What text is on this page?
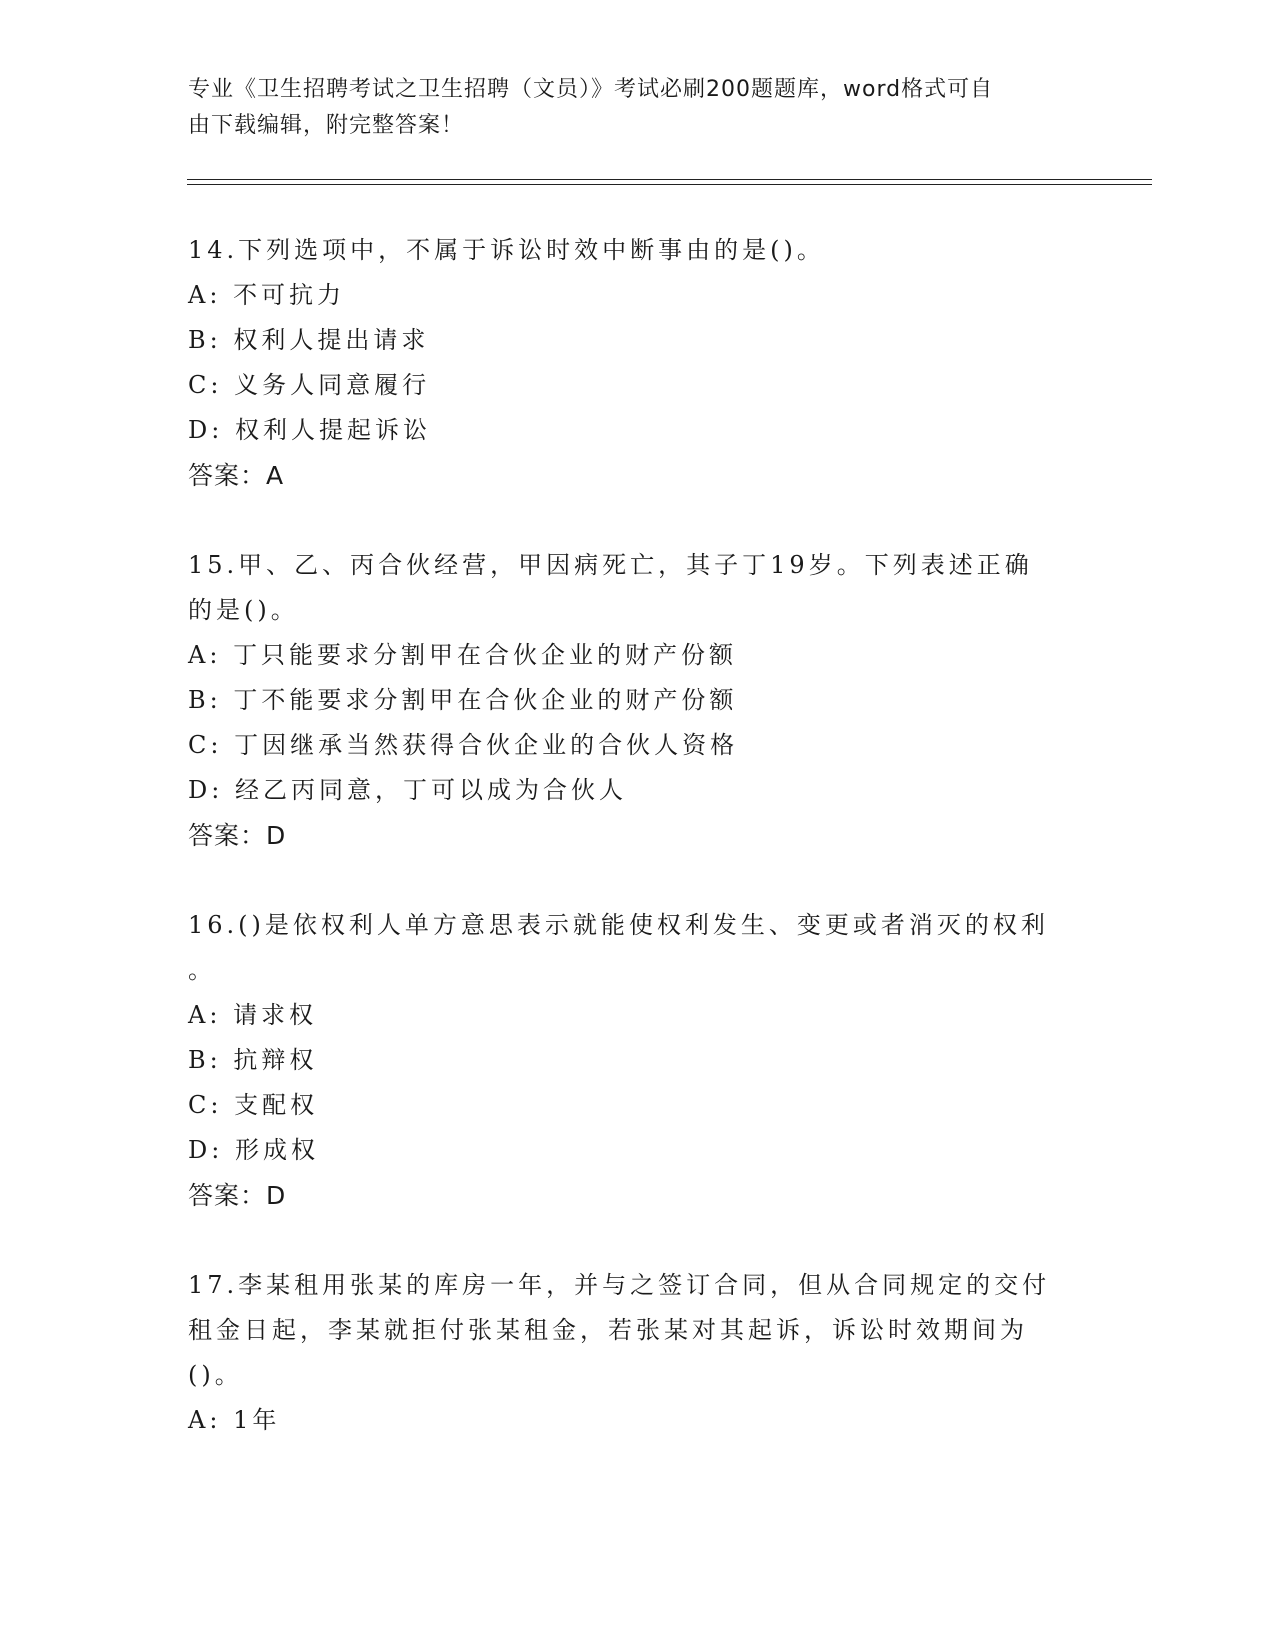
专业《卫生招聘考试之卫生招聘（文员）》考试必刷200题题库，word格式可自
由下载编辑，附完整答案！
14.下列选项中，不属于诉讼时效中断事由的是()。
A: 不可抗力
B: 权利人提出请求
C: 义务人同意履行
D: 权利人提起诉讼
答案：A
15.甲、乙、丙合伙经营，甲因病死亡，其子丁19岁。下列表述正确
的是()。
A: 丁只能要求分割甲在合伙企业的财产份额
B: 丁不能要求分割甲在合伙企业的财产份额
C: 丁因继承当然获得合伙企业的合伙人资格
D: 经乙丙同意，丁可以成为合伙人
答案：D
16.()是依权利人单方意思表示就能使权利发生、变更或者消灭的权利
。
A: 请求权
B: 抗辩权
C: 支配权
D: 形成权
答案：D
17.李某租用张某的库房一年，并与之签订合同，但从合同规定的交付
租金日起，李某就拒付张某租金，若张某对其起诉，诉讼时效期间为
()。
A: 1年
